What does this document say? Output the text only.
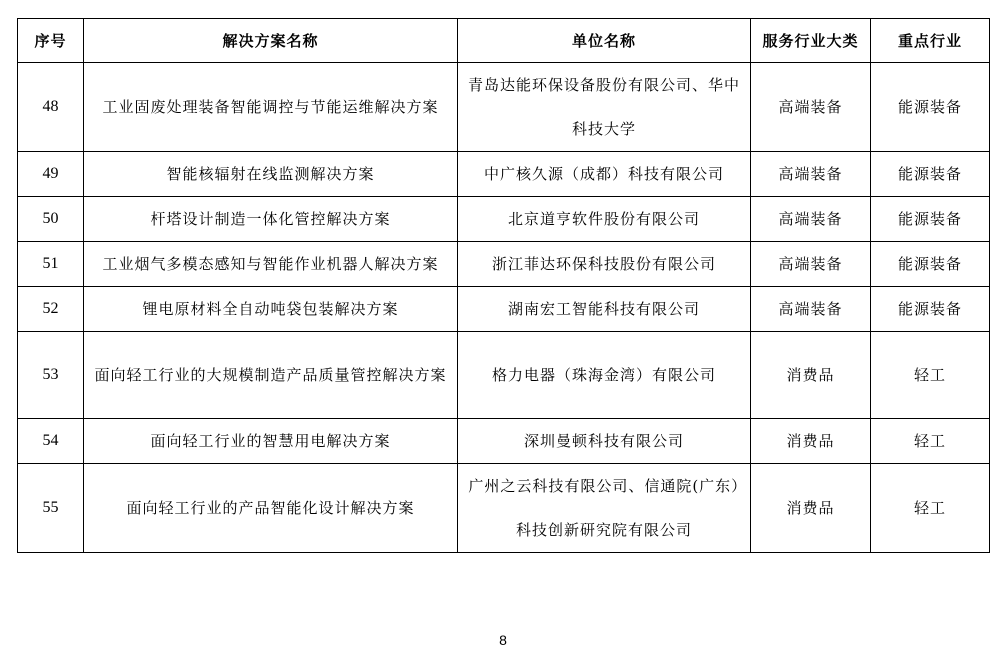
序号	解决方案名称	单位名称	服务行业大类	重点行业
48	工业固废处理装备智能调控与节能运维解决方案	青岛达能环保设备股份有限公司、华中科技大学	高端装备	能源装备
49	智能核辐射在线监测解决方案	中广核久源（成都）科技有限公司	高端装备	能源装备
50	杆塔设计制造一体化管控解决方案	北京道亨软件股份有限公司	高端装备	能源装备
51	工业烟气多模态感知与智能作业机器人解决方案	浙江菲达环保科技股份有限公司	高端装备	能源装备
52	锂电原材料全自动吨袋包装解决方案	湖南宏工智能科技有限公司	高端装备	能源装备
53	面向轻工行业的大规模制造产品质量管控解决方案	格力电器（珠海金湾）有限公司	消费品	轻工
54	面向轻工行业的智慧用电解决方案	深圳曼顿科技有限公司	消费品	轻工
55	面向轻工行业的产品智能化设计解决方案	广州之云科技有限公司、信通院(广东）科技创新研究院有限公司	消费品	轻工
8
